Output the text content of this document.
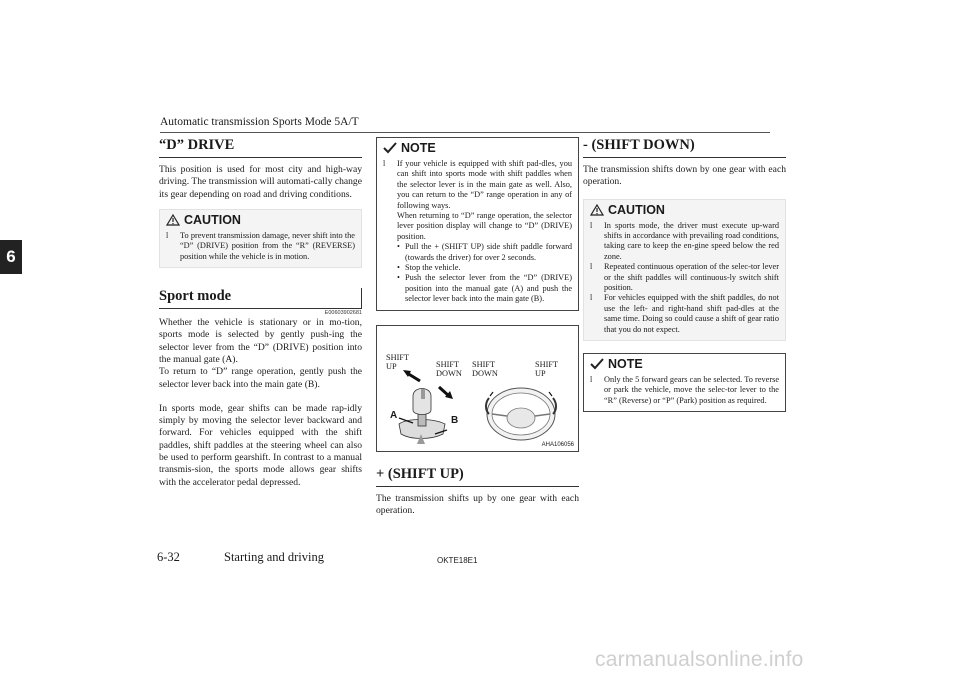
Automatic transmission Sports Mode 5A/T
6
“D” DRIVE

This position is used for most city and high-way driving. The transmission will automati-cally change its gear depending on road and driving conditions.

CAUTION
l	To prevent transmission damage, never shift into the “D” (DRIVE) position from the “R” (REVERSE) position while the vehicle is in motion.
Sport mode
E00603902681

Whether the vehicle is stationary or in mo-tion, sports mode is selected by gently push-ing the selector lever from the “D” (DRIVE) position into the manual gate (A).

To return to “D” range operation, gently push the selector lever back into the main gate (B).

In sports mode, gear shifts can be made rap-idly simply by moving the selector lever backward and forward. For vehicles equipped with the shift paddles, shift paddles at the steering wheel can also be used to perform gearshift. In contrast to a manual transmis-sion, the sports mode allows gear shifts with the accelerator pedal depressed.

NOTE
l	If your vehicle is equipped with shift pad-dles, you can shift into sports mode with shift paddles when the selector lever is in the main gate as well. Also, you can return to the “D” range operation in any of following ways.
When returning to “D” range operation, the selector lever position display will change to “D” (DRIVE) position.
• Pull the + (SHIFT UP) side shift paddle forward (towards the driver) for over 2 seconds.
• Stop the vehicle.
• Push the selector lever from the “D” (DRIVE) position into the manual gate (A) and push the selector lever back into the main gate (B).
SHIFT
UP	SHIFT
DOWN
SHIFT
DOWN
SHIFT
UP
A	B
AHA106056
+ (SHIFT UP)

The transmission shifts up by one gear with each operation.

- (SHIFT DOWN)

The transmission shifts down by one gear with each operation.

CAUTION
l	In sports mode, the driver must execute up-ward shifts in accordance with prevailing road conditions, taking care to keep the en-gine speed below the red zone.
l	Repeated continuous operation of the selec-tor lever or the shift paddles will continuous-ly switch shift position.
l	For vehicles equipped with the shift paddles, do not use the left- and right-hand shift pad-dles at the same time. Doing so could cause a shift of gear ratio that you do not expect.
NOTE
l	Only the 5 forward gears can be selected. To reverse or park the vehicle, move the selec-tor lever to the “R” (Reverse) or “P” (Park) position as required.
6-32	Starting and driving	OKTE18E1
carmanualsonline.info
